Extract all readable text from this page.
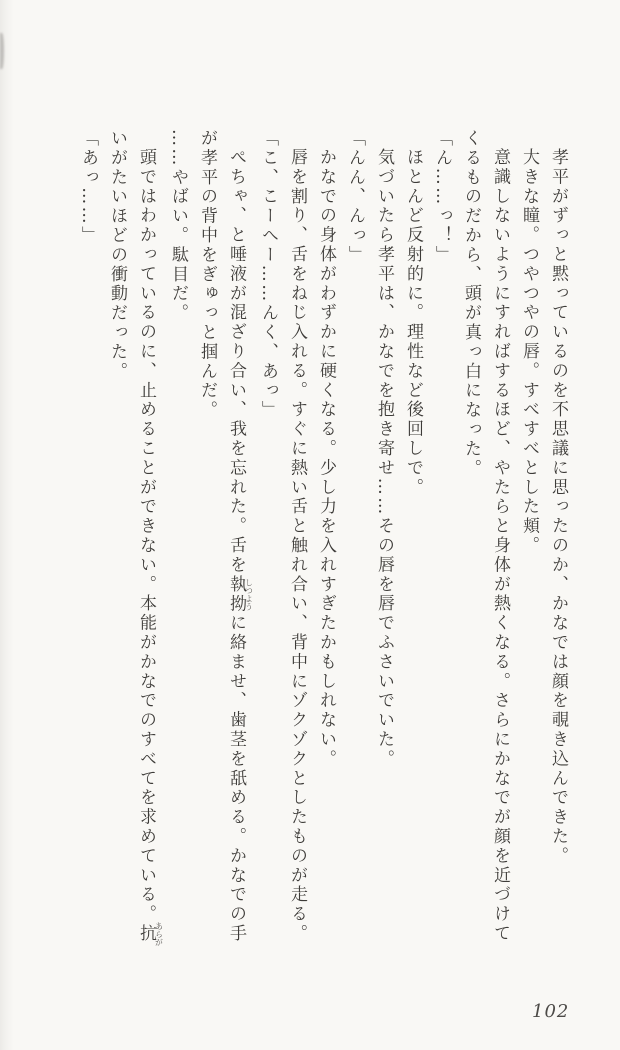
孝平がずっと黙っているのを不思議に思ったのか、かなでは顔を覗き込んできた。
大きな瞳。つやつやの唇。すべすべとした頬。
意識しないようにすればするほど、やたらと身体が熱くなる。さらにかなでが顔を近づけて
くるものだから、頭が真っ白になった。
「ん……っ！」
ほとんど反射的に。理性など後回しで。
気づいたら孝平は、かなでを抱き寄せ……その唇を唇でふさいでいた。
「んん、んっ」
かなでの身体がわずかに硬くなる。少し力を入れすぎたかもしれない。
唇を割り、舌をねじ入れる。すぐに熱い舌と触れ合い、背中にゾクゾクとしたものが走る。
「こ、こーへー……んく、あっ」
ぺちゃ、と唾液が混ざり合い、我を忘れた。舌を執拗しつように絡ませ、歯茎を舐める。かなでの手
が孝平の背中をぎゅっと掴んだ。
……やばい。駄目だ。
頭ではわかっているのに、止めることができない。本能がかなでのすべてを求めている。抗あらが
いがたいほどの衝動だった。
「あっ……」
102
